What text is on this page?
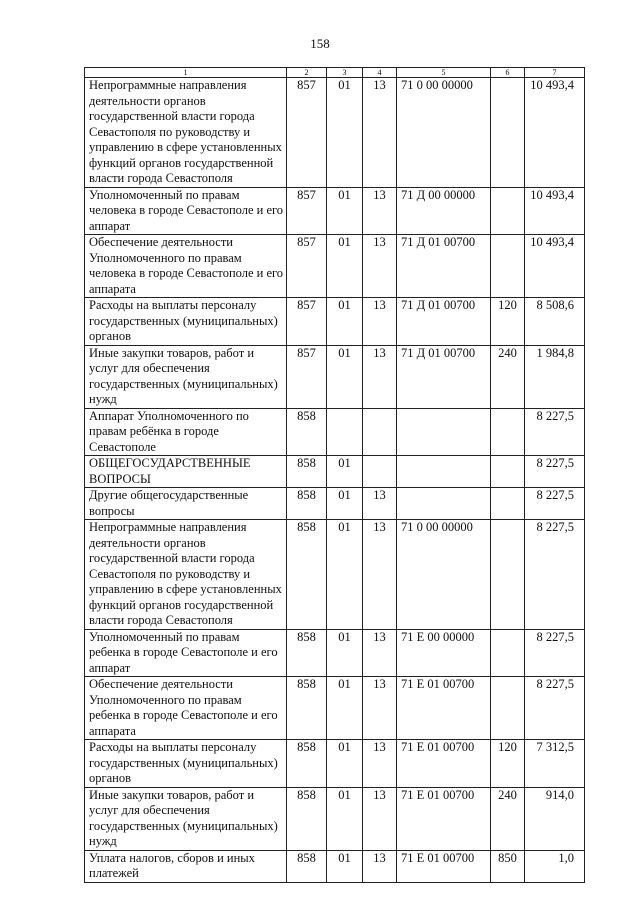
158
1	2	3	4	5	6	7
Непрограммные направления деятельности органов государственной власти города Севастополя по руководству и управлению в сфере установленных функций органов государственной власти города Севастополя	857	01	13	71 0 00 00000		10 493,4
Уполномоченный по правам человека в городе Севастополе и его аппарат	857	01	13	71 Д 00 00000		10 493,4
Обеспечение деятельности Уполномоченного по правам человека в городе Севастополе и его аппарата	857	01	13	71 Д 01 00700		10 493,4
Расходы на выплаты персоналу государственных (муниципальных) органов	857	01	13	71 Д 01 00700	120	8 508,6
Иные закупки товаров, работ и услуг для обеспечения государственных (муниципальных) нужд	857	01	13	71 Д 01 00700	240	1 984,8
Аппарат Уполномоченного по правам ребёнка в городе Севастополе	858					8 227,5
ОБЩЕГОСУДАРСТВЕННЫЕ ВОПРОСЫ	858	01				8 227,5
Другие общегосударственные вопросы	858	01	13			8 227,5
Непрограммные направления деятельности органов государственной власти города Севастополя по руководству и управлению в сфере установленных функций органов государственной власти города Севастополя	858	01	13	71 0 00 00000		8 227,5
Уполномоченный по правам ребенка в городе Севастополе и его аппарат	858	01	13	71 Е 00 00000		8 227,5
Обеспечение деятельности Уполномоченного по правам ребенка в городе Севастополе и его аппарата	858	01	13	71 Е 01 00700		8 227,5
Расходы на выплаты персоналу государственных (муниципальных) органов	858	01	13	71 Е 01 00700	120	7 312,5
Иные закупки товаров, работ и услуг для обеспечения государственных (муниципальных) нужд	858	01	13	71 Е 01 00700	240	914,0
Уплата налогов, сборов и иных платежей	858	01	13	71 Е 01 00700	850	1,0
